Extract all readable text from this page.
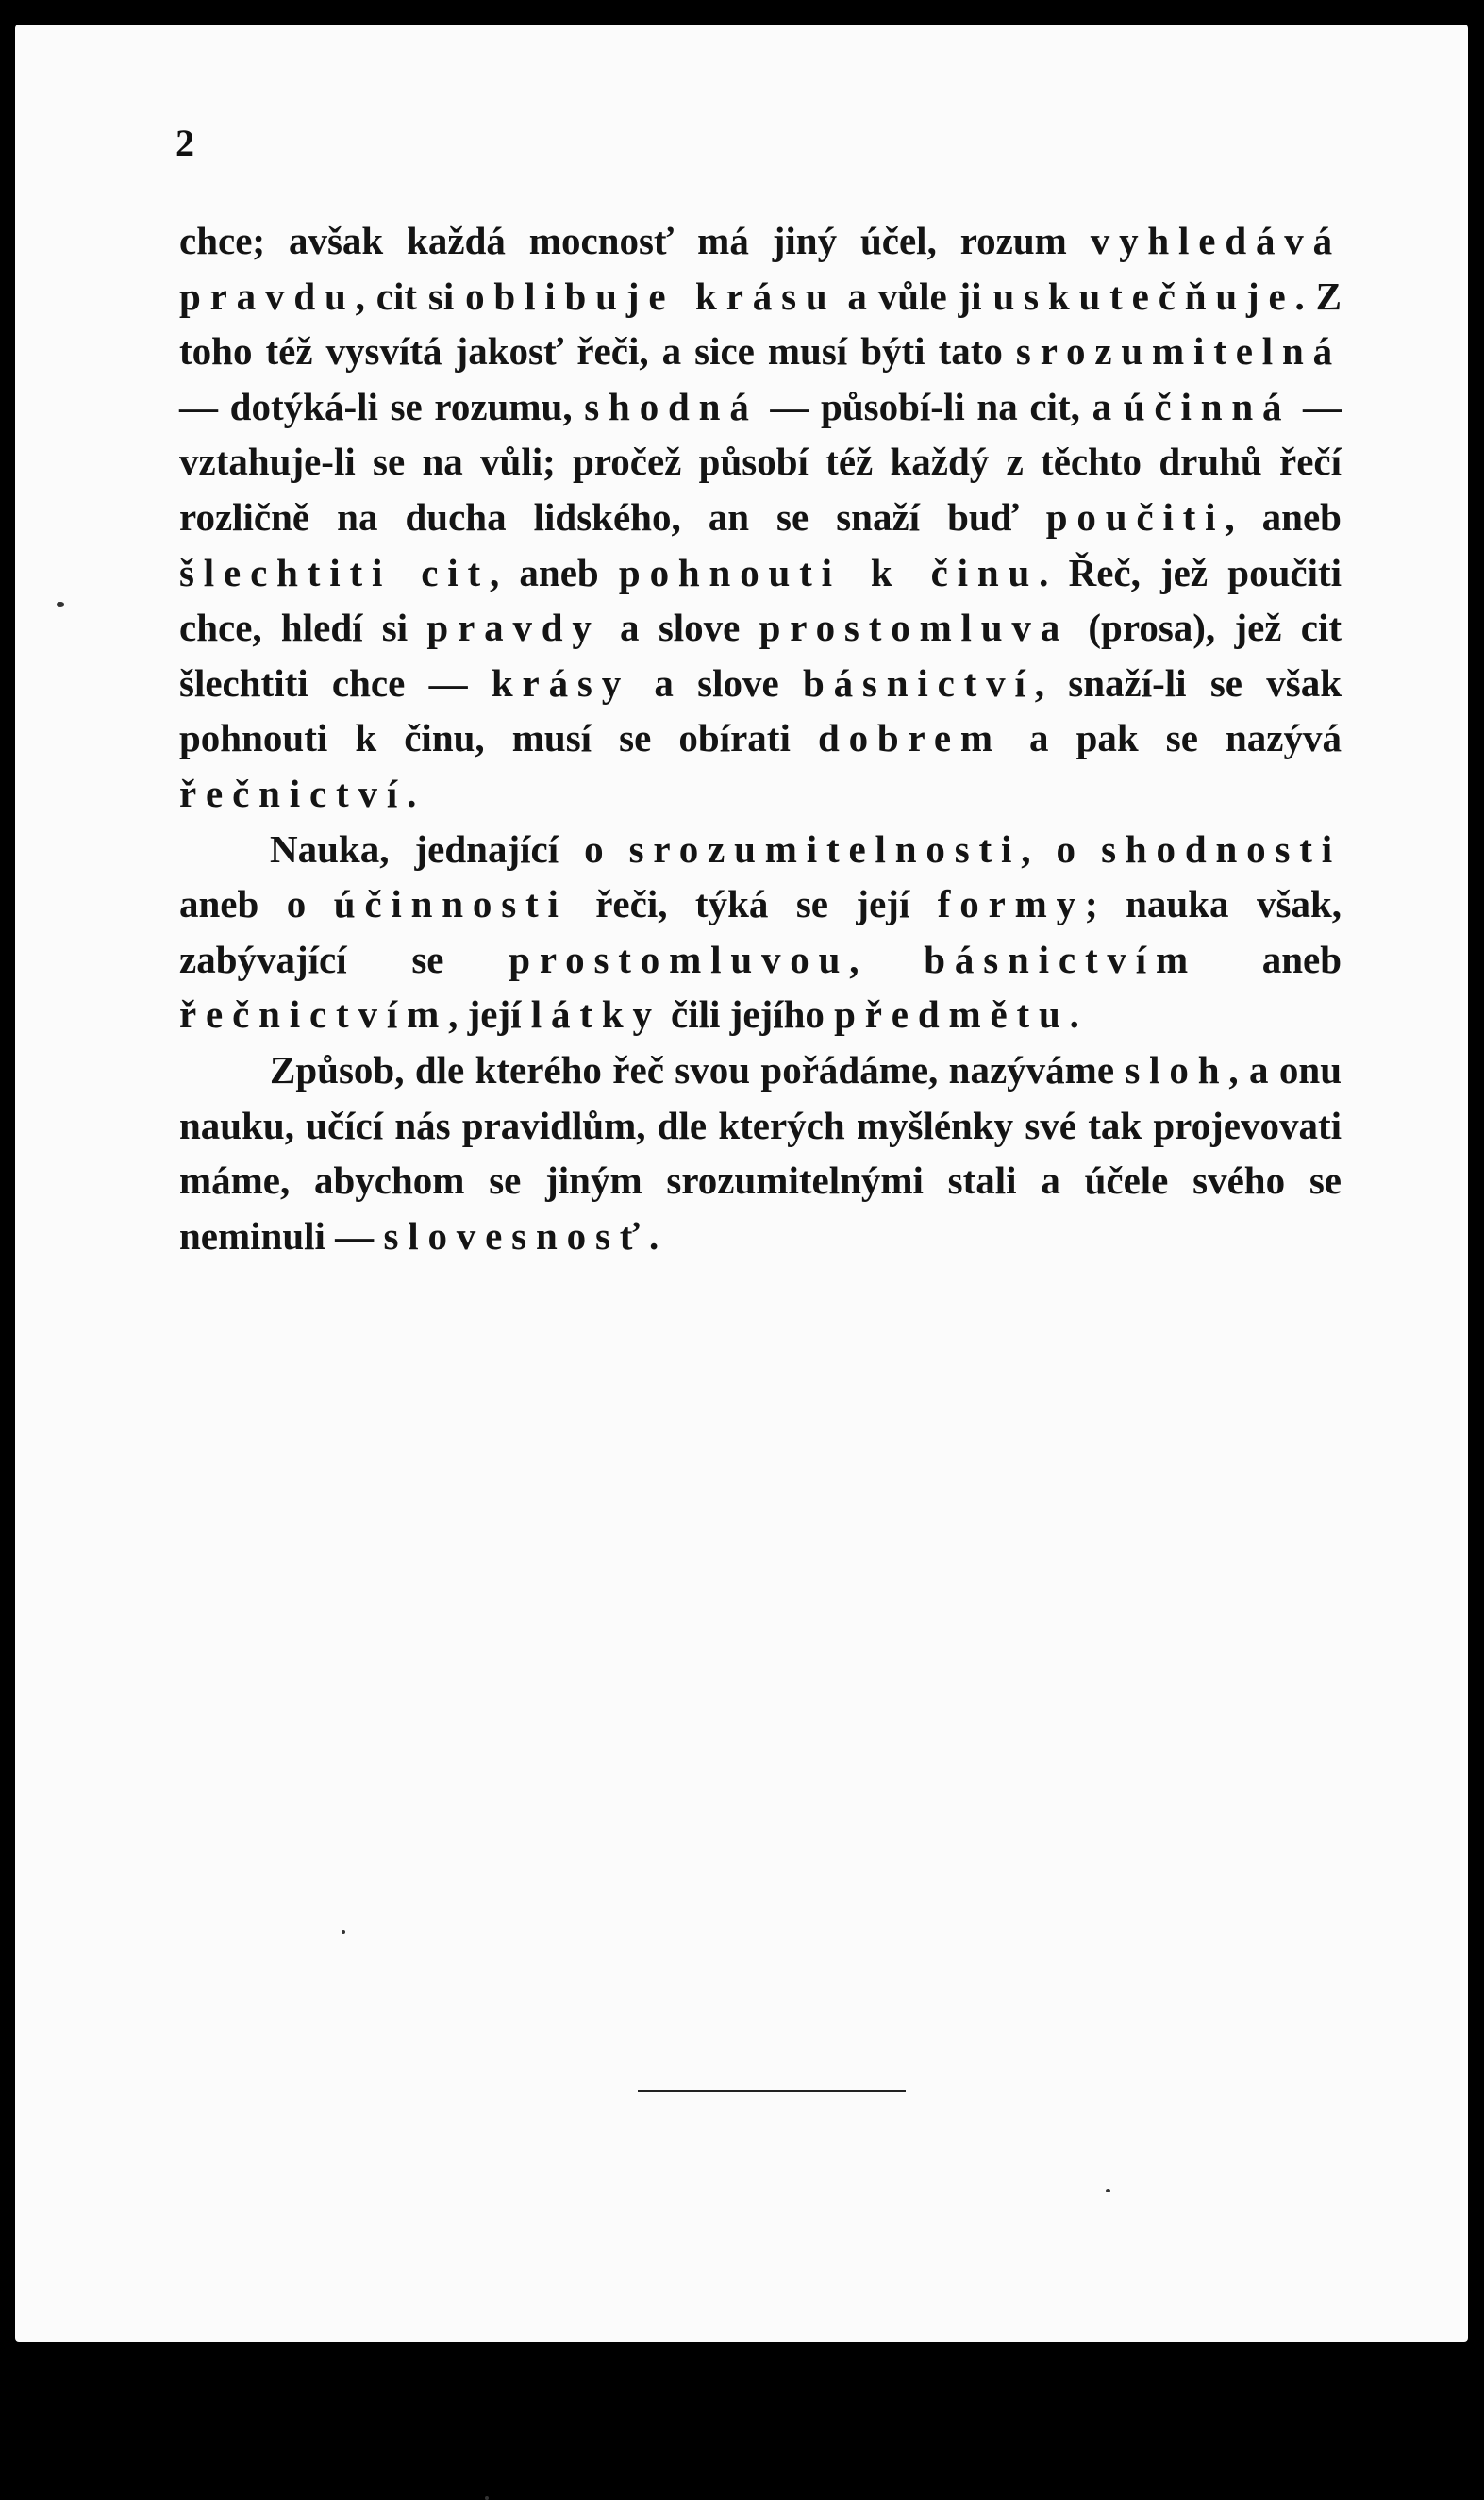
2

chce; avšak každá mocnosť má jiný účel, rozum vyhledává pravdu, cit si oblibuje krásu a vůle ji uskutečňuje. Z toho též vysvítá jakosť řeči, a sice musí býti tato srozumitelná — dotýká-li se rozumu, shodná — působí-li na cit, a účinná — vztahuje-li se na vůli; pročež působí též každý z těchto druhů řečí rozličně na ducha lidského, an se snaží buď poučiti, aneb šlechtiti cit, aneb pohnouti k činu. Řeč, jež poučiti chce, hledí si pravdy a slove prostomluva (prosa), jež cit šlechtiti chce — krásy a slove básnictví, snaží-li se však pohnouti k činu, musí se obírati dobrem a pak se nazývá řečnictví.

Nauka, jednající o srozumitelnosti, o shodnosti aneb o účinnosti řeči, týká se její formy; nauka však, zabývající se prostomluvou, básnictvím aneb řečnictvím, její látky čili jejího předmětu.

Způsob, dle kterého řeč svou pořádáme, nazýváme sloh, a onu nauku, učící nás pravidlům, dle kterých myšlénky své tak projevovati máme, abychom se jiným srozumitelnými stali a účele svého se neminuli — slovesnosť.
